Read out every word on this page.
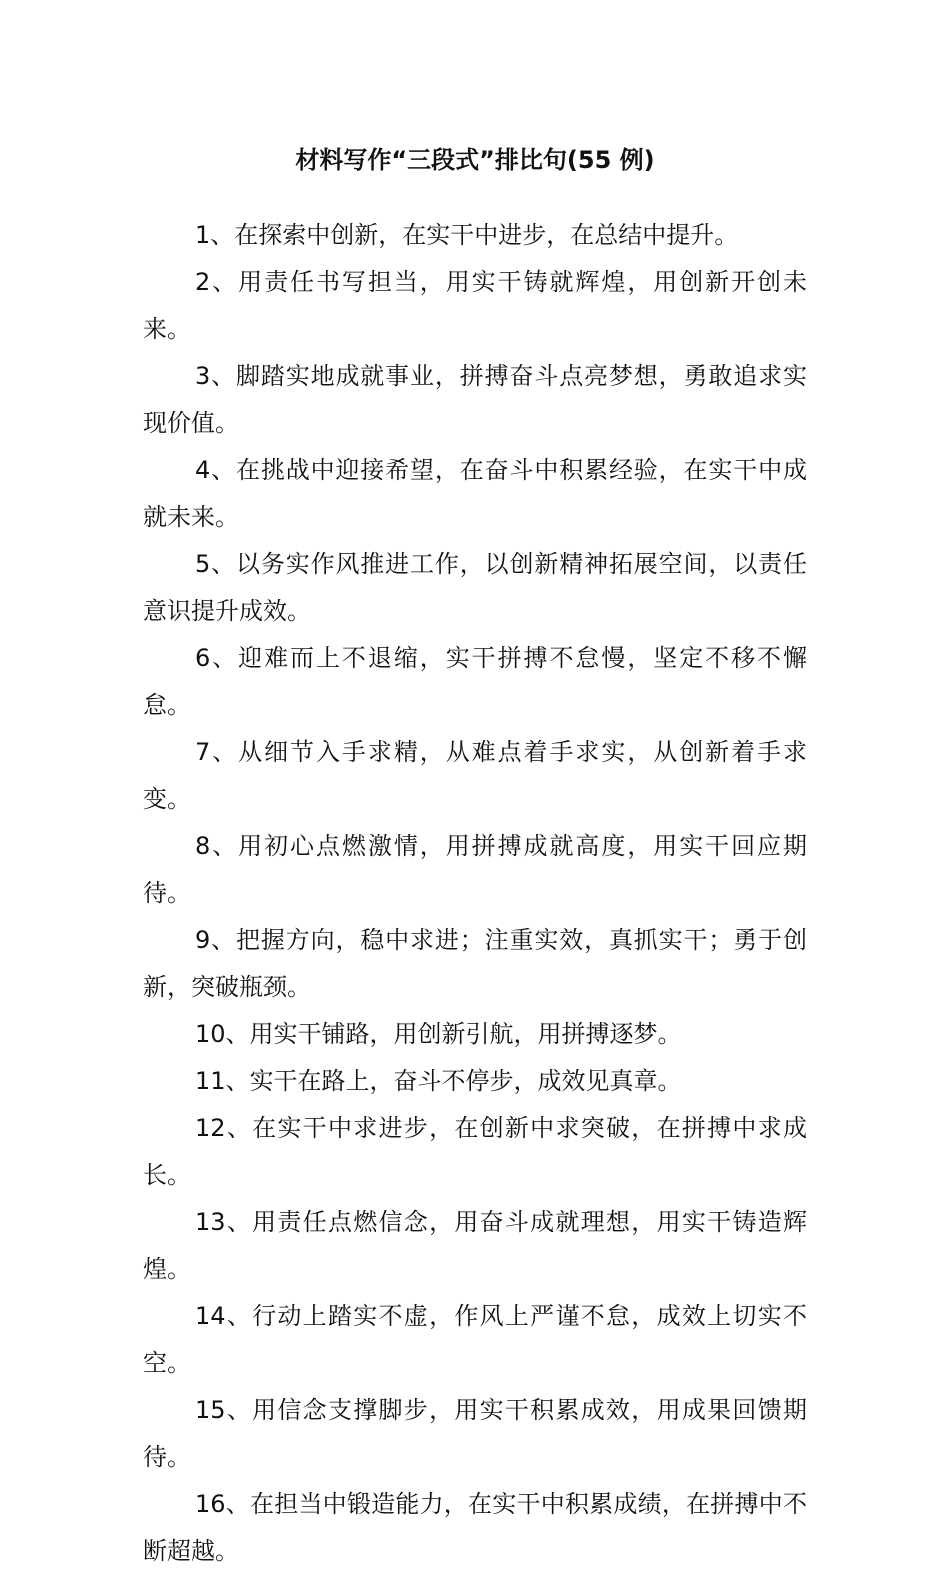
材料写作“三段式”排比句(55 例)

1、在探索中创新，在实干中进步，在总结中提升。

2、用责任书写担当，用实干铸就辉煌，用创新开创未来。

3、脚踏实地成就事业，拼搏奋斗点亮梦想，勇敢追求实现价值。

4、在挑战中迎接希望，在奋斗中积累经验，在实干中成就未来。

5、以务实作风推进工作，以创新精神拓展空间，以责任意识提升成效。

6、迎难而上不退缩，实干拼搏不怠慢，坚定不移不懈怠。

7、从细节入手求精，从难点着手求实，从创新着手求变。

8、用初心点燃激情，用拼搏成就高度，用实干回应期待。

9、把握方向，稳中求进；注重实效，真抓实干；勇于创新，突破瓶颈。

10、用实干铺路，用创新引航，用拼搏逐梦。

11、实干在路上，奋斗不停步，成效见真章。

12、在实干中求进步，在创新中求突破，在拼搏中求成长。

13、用责任点燃信念，用奋斗成就理想，用实干铸造辉煌。

14、行动上踏实不虚，作风上严谨不怠，成效上切实不空。

15、用信念支撑脚步，用实干积累成效，用成果回馈期待。

16、在担当中锻造能力，在实干中积累成绩，在拼搏中不断超越。
